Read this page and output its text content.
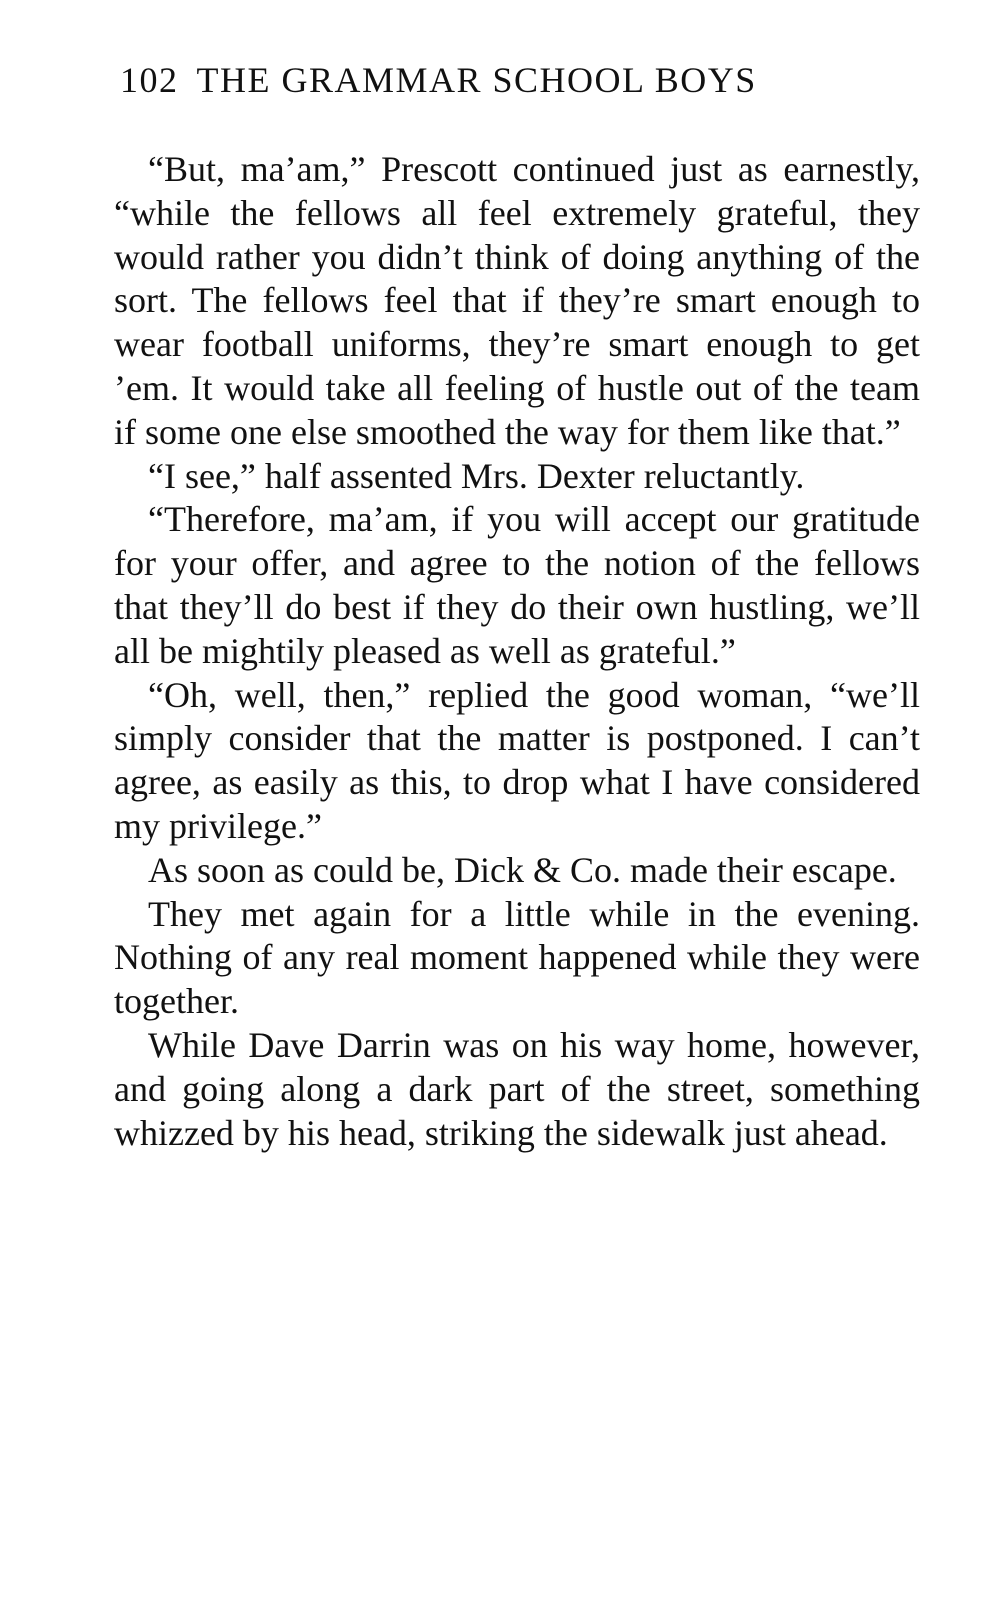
102 THE GRAMMAR SCHOOL BOYS

“But, ma’am,” Prescott continued just as earnestly, “while the fellows all feel extremely grateful, they would rather you didn’t think of doing anything of the sort. The fellows feel that if they’re smart enough to wear football uniforms, they’re smart enough to get ’em. It would take all feeling of hustle out of the team if some one else smoothed the way for them like that.”

“I see,” half assented Mrs. Dexter reluctantly.

“Therefore, ma’am, if you will accept our gratitude for your offer, and agree to the notion of the fellows that they’ll do best if they do their own hustling, we’ll all be mightily pleased as well as grateful.”

“Oh, well, then,” replied the good woman, “we’ll simply consider that the matter is postponed. I can’t agree, as easily as this, to drop what I have considered my privilege.”

As soon as could be, Dick & Co. made their escape.

They met again for a little while in the evening. Nothing of any real moment happened while they were together.

While Dave Darrin was on his way home, however, and going along a dark part of the street, something whizzed by his head, striking the sidewalk just ahead.
